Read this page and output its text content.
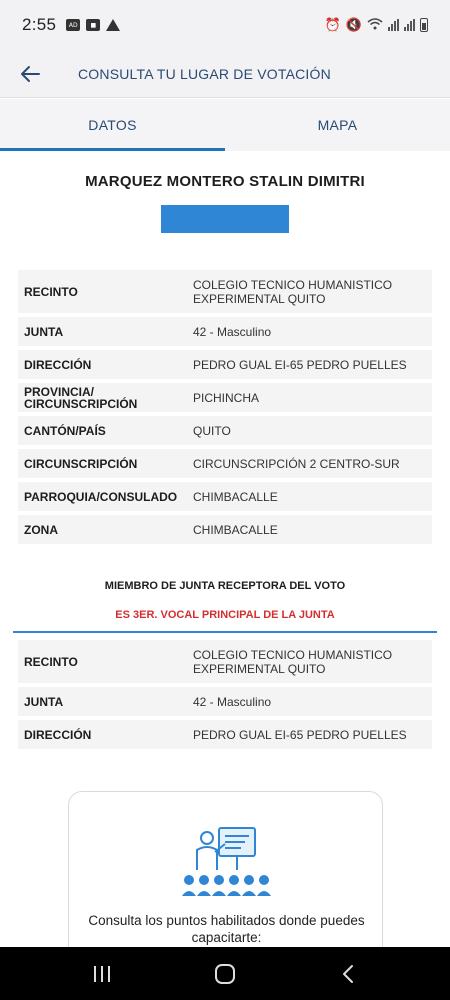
2:55	AD	■	⏰ 🔇
CONSULTA TU LUGAR DE VOTACIÓN
DATOS	MAPA
MARQUEZ MONTERO STALIN DIMITRI
RECINTO	COLEGIO TECNICO HUMANISTICO EXPERIMENTAL QUITO
JUNTA	42 - Masculino
DIRECCIÓN	PEDRO GUAL EI-65 PEDRO PUELLES
PROVINCIA/ CIRCUNSCRIPCIÓN	PICHINCHA
CANTÓN/PAÍS	QUITO
CIRCUNSCRIPCIÓN	CIRCUNSCRIPCIÓN 2 CENTRO-SUR
PARROQUIA/CONSULADO	CHIMBACALLE
ZONA	CHIMBACALLE
MIEMBRO DE JUNTA RECEPTORA DEL VOTO
ES 3ER. VOCAL PRINCIPAL DE LA JUNTA
RECINTO	COLEGIO TECNICO HUMANISTICO EXPERIMENTAL QUITO
JUNTA	42 - Masculino
DIRECCIÓN	PEDRO GUAL EI-65 PEDRO PUELLES
Consulta los puntos habilitados donde puedes capacitarte:
